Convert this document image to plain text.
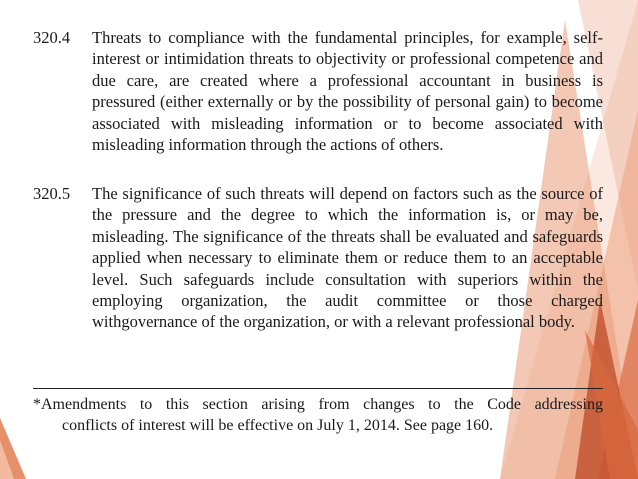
320.4	Threats to compliance with the fundamental principles, for example, self-interest or intimidation threats to objectivity or professional competence and due care, are created where a professional accountant in business is pressured (either externally or by the possibility of personal gain) to become associated with misleading information or to become associated with misleading information through the actions of others.
320.5	The significance of such threats will depend on factors such as the source of the pressure and the degree to which the information is, or may be, misleading. The significance of the threats shall be evaluated and safeguards applied when necessary to eliminate them or reduce them to an acceptable level. Such safeguards include consultation with superiors within the employing organization, the audit committee or those charged withgovernance of the organization, or with a relevant professional body.
*Amendments to this section arising from changes to the Code addressing
conflicts of interest will be effective on July 1, 2014. See page 160.
